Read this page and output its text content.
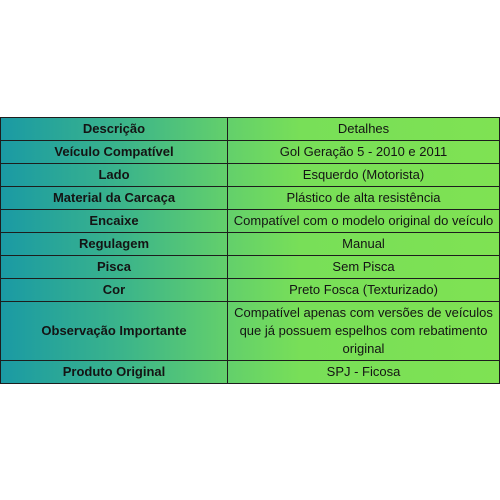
Descrição	Detalhes
Veículo Compatível	Gol Geração 5 - 2010 e 2011
Lado	Esquerdo (Motorista)
Material da Carcaça	Plástico de alta resistência
Encaixe	Compatível com o modelo original do veículo
Regulagem	Manual
Pisca	Sem Pisca
Cor	Preto Fosca (Texturizado)
Observação Importante	Compatível apenas com versões de veículos que já possuem espelhos com rebatimento original
Produto Original	SPJ - Ficosa
